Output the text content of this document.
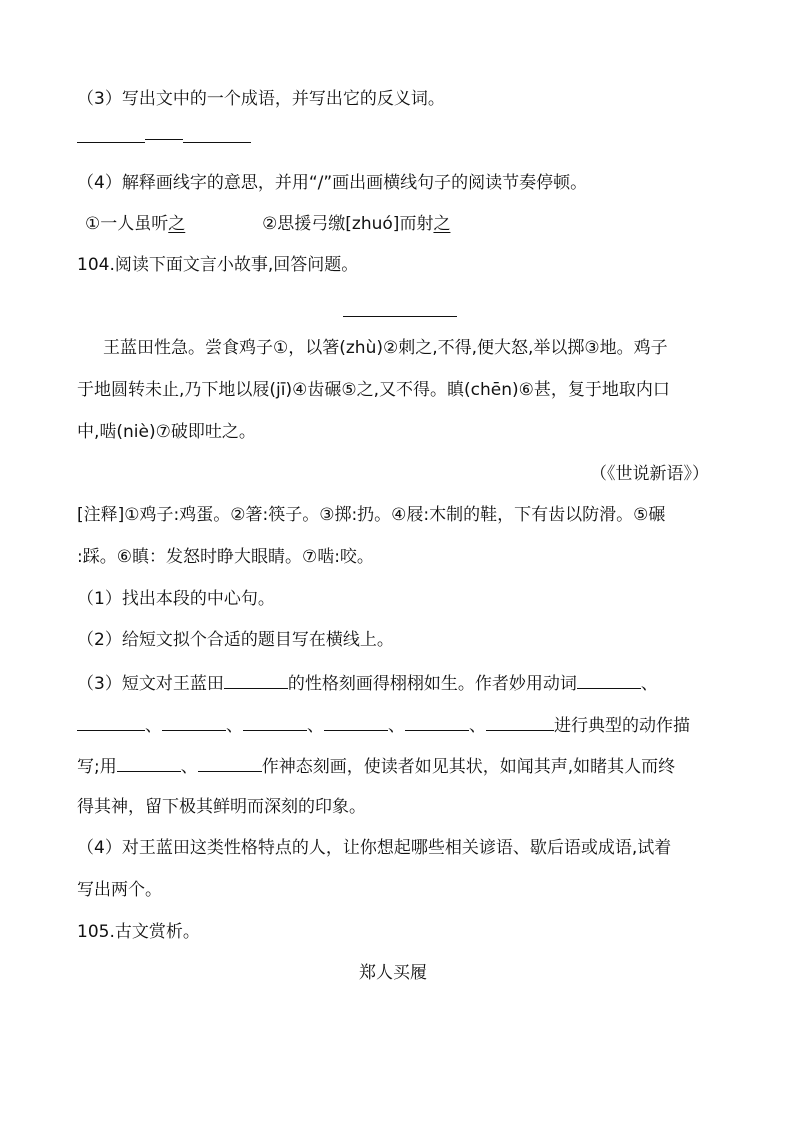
（3）写出文中的一个成语，并写出它的反义词。
（4）解释画线字的意思，并用“/”画出画横线句子的阅读节奏停顿。
①一人虽听之	②思援弓缴[zhuó]而射之
104.阅读下面文言小故事,回答问题。
王蓝田性急。尝食鸡子①，以箸(zhù)②刺之,不得,便大怒,举以掷③地。鸡子
于地圆转未止,乃下地以屐(jī)④齿碾⑤之,又不得。瞋(chēn)⑥甚，复于地取内口
中,啮(niè)⑦破即吐之。
（《世说新语》）
[注释]①鸡子:鸡蛋。②箸:筷子。③掷:扔。④屐:木制的鞋，下有齿以防滑。⑤碾
:踩。⑥瞋：发怒时睁大眼睛。⑦啮:咬。
（1）找出本段的中心句。
（2）给短文拟个合适的题目写在横线上。
（3）短文对王蓝田	的性格刻画得栩栩如生。作者妙用动词	、
、	、	、	、	、	进行典型的动作描
写;用	、	作神态刻画，使读者如见其状，如闻其声,如睹其人而终
得其神，留下极其鲜明而深刻的印象。
（4）对王蓝田这类性格特点的人，让你想起哪些相关谚语、歇后语或成语,试着
写出两个。
105.古文赏析。
郑人买履
